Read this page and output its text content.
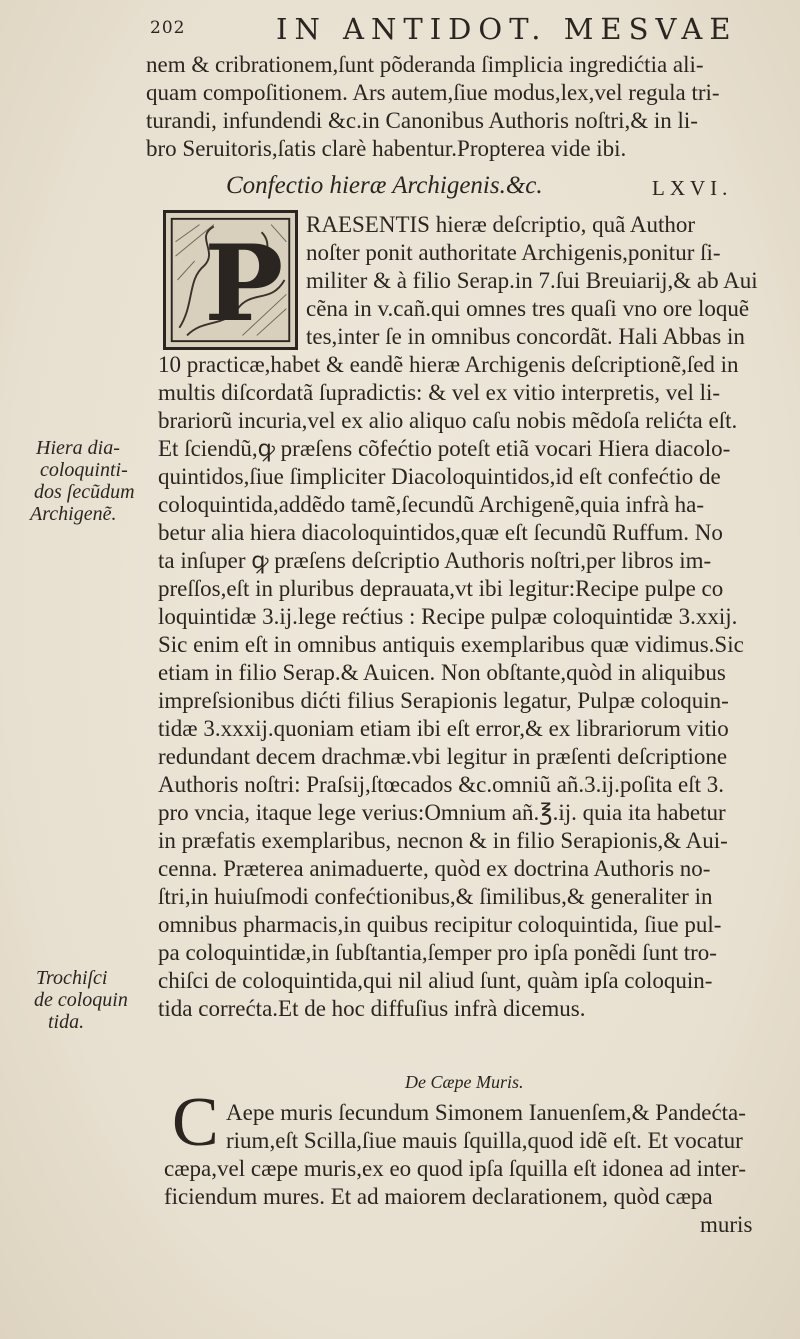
202	IN ANTIDOT. MESVAE
nem & cribrationem,ſunt põderanda ſimplicia ingredićtia ali-
quam compoſitionem. Ars autem,ſiue modus,lex,vel regula tri-
turandi, infundendi &c.in Canonibus Authoris noſtri,& in li-
bro Seruitoris,ſatis clarè habentur.Propterea vide ibi.
Confectio hieræ Archigenis.&c.	LXVI.
P RAESENTIS hieræ deſcriptio, quã Author
noſter ponit authoritate Archigenis,ponitur ſi-
militer & à filio Serap.in 7.ſui Breuiarij,& ab Aui
cẽna in v.cañ.qui omnes tres quaſi vno ore loquẽ
tes,inter ſe in omnibus concordãt. Hali Abbas in
10 practicæ,habet & eandẽ hieræ Archigenis deſcriptionẽ,ſed in
multis diſcordatã ſupradictis: & vel ex vitio interpretis, vel li-
brariorũ incuria,vel ex alio aliquo caſu nobis mẽdoſa relićta eſt.
Et ſciendũ,ꝙ præſens cõfećtio poteſt etiã vocari Hiera diacolo-
quintidos,ſiue ſimpliciter Diacoloquintidos,id eſt confećtio de
coloquintida,addẽdo tamẽ,ſecundũ Archigenẽ,quia infrà ha-
betur alia hiera diacoloquintidos,quæ eſt ſecundũ Ruffum. No
ta inſuper ꝙ præſens deſcriptio Authoris noſtri,per libros im-
preſſos,eſt in pluribus deprauata,vt ibi legitur:Recipe pulpe co
loquintidæ 3.ij.lege rećtius : Recipe pulpæ coloquintidæ 3.xxij.
Sic enim eſt in omnibus antiquis exemplaribus quæ vidimus.Sic
etiam in filio Serap.& Auicen. Non obſtante,quòd in aliquibus
impreſsionibus dićti filius Serapionis legatur, Pulpæ coloquin-
tidæ 3.xxxij.quoniam etiam ibi eſt error,& ex librariorum vitio
redundant decem drachmæ.vbi legitur in præſenti deſcriptione
Authoris noſtri: Praſsij,ſtœcados &c.omniũ añ.3.ij.poſita eſt 3.
pro vncia, itaque lege verius:Omnium añ.℥.ij. quia ita habetur
in præfatis exemplaribus, necnon & in filio Serapionis,& Aui-
cenna. Præterea animaduerte, quòd ex doctrina Authoris no-
ſtri,in huiuſmodi confećtionibus,& ſimilibus,& generaliter in
omnibus pharmacis,in quibus recipitur coloquintida, ſiue pul-
pa coloquintidæ,in ſubſtantia,ſemper pro ipſa ponẽdi ſunt tro-
chiſci de coloquintida,qui nil aliud ſunt, quàm ipſa coloquin-
tida correćta.Et de hoc diffuſius infrà dicemus.
Hiera dia-
coloquinti-
dos ſecũdum
Archigenẽ.
Trochiſci
de coloquin
tida.
De Cæpe Muris.
C Aepe muris ſecundum Simonem Ianuenſem,& Pandećta-
rium,eſt Scilla,ſiue mauis ſquilla,quod idẽ eſt. Et vocatur
cæpa,vel cæpe muris,ex eo quod ipſa ſquilla eſt idonea ad inter-
ficiendum mures. Et ad maiorem declarationem, quòd cæpa
muris
